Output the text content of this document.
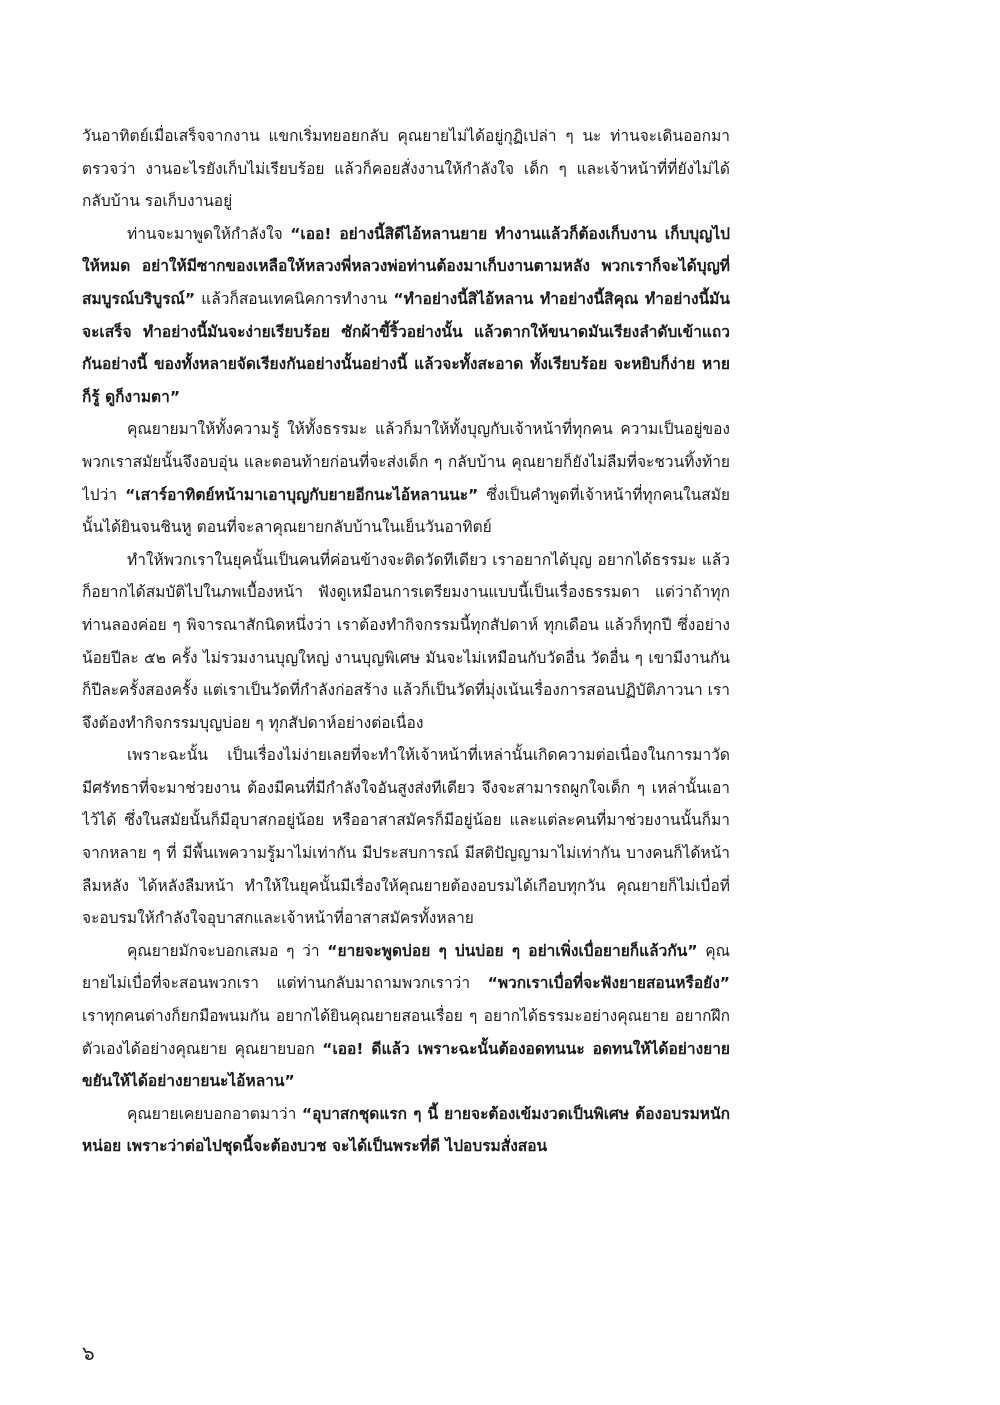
วันอาทิตย์เมื่อเสร็จจากงาน แขกเริ่มทยอยกลับ คุณยายไม่ได้อยู่กุฏิเปล่า ๆ นะ ท่านจะเดินออกมาตรวจว่า งานอะไรยังเก็บไม่เรียบร้อย แล้วก็คอยสั่งงานให้กำลังใจ เด็ก ๆ และเจ้าหน้าที่ที่ยังไม่ได้กลับบ้าน รอเก็บงานอยู่

ท่านจะมาพูดให้กำลังใจ “เออ! อย่างนี้สิดีไอ้หลานยาย ทำงานแล้วก็ต้องเก็บงาน เก็บบุญไปให้หมด อย่าให้มีซากของเหลือให้หลวงพี่หลวงพ่อท่านต้องมาเก็บงานตามหลัง พวกเราก็จะได้บุญที่สมบูรณ์บริบูรณ์” แล้วก็สอนเทคนิคการทำงาน “ทำอย่างนี้สิไอ้หลาน ทำอย่างนี้สิคุณ ทำอย่างนี้มันจะเสร็จ ทำอย่างนี้มันจะง่ายเรียบร้อย ซักผ้าขี้ริ้วอย่างนั้น แล้วตากให้ขนาดมันเรียงลำดับเข้าแถวกันอย่างนี้ ของทั้งหลายจัดเรียงกันอย่างนั้นอย่างนี้ แล้วจะทั้งสะอาด ทั้งเรียบร้อย จะหยิบก็ง่าย หายก็รู้ ดูก็งามตา”

คุณยายมาให้ทั้งความรู้ ให้ทั้งธรรมะ แล้วก็มาให้ทั้งบุญกับเจ้าหน้าที่ทุกคน ความเป็นอยู่ของพวกเราสมัยนั้นจึงอบอุ่น และตอนท้ายก่อนที่จะส่งเด็ก ๆ กลับบ้าน คุณยายก็ยังไม่ลืมที่จะชวนทิ้งท้ายไปว่า “เสาร์อาทิตย์หน้ามาเอาบุญกับยายอีกนะไอ้หลานนะ” ซึ่งเป็นคำพูดที่เจ้าหน้าที่ทุกคนในสมัยนั้นได้ยินจนชินหู ตอนที่จะลาคุณยายกลับบ้านในเย็นวันอาทิตย์

ทำให้พวกเราในยุคนั้นเป็นคนที่ค่อนข้างจะติดวัดทีเดียว เราอยากได้บุญ อยากได้ธรรมะ แล้วก็อยากได้สมบัติไปในภพเบื้องหน้า ฟังดูเหมือนการเตรียมงานแบบนี้เป็นเรื่องธรรมดา แต่ว่าถ้าทุกท่านลองค่อย ๆ พิจารณาสักนิดหนึ่งว่า เราต้องทำกิจกรรมนี้ทุกสัปดาห์ ทุกเดือน แล้วก็ทุกปี ซึ่งอย่างน้อยปีละ ๕๒ ครั้ง ไม่รวมงานบุญใหญ่ งานบุญพิเศษ มันจะไม่เหมือนกับวัดอื่น วัดอื่น ๆ เขามีงานกันก็ปีละครั้งสองครั้ง แต่เราเป็นวัดที่กำลังก่อสร้าง แล้วก็เป็นวัดที่มุ่งเน้นเรื่องการสอนปฏิบัติภาวนา เราจึงต้องทำกิจกรรมบุญบ่อย ๆ ทุกสัปดาห์อย่างต่อเนื่อง

เพราะฉะนั้น เป็นเรื่องไม่ง่ายเลยที่จะทำให้เจ้าหน้าที่เหล่านั้นเกิดความต่อเนื่องในการมาวัด มีศรัทธาที่จะมาช่วยงาน ต้องมีคนที่มีกำลังใจอันสูงส่งทีเดียว จึงจะสามารถผูกใจเด็ก ๆ เหล่านั้นเอาไว้ได้ ซึ่งในสมัยนั้นก็มีอุบาสกอยู่น้อย หรืออาสาสมัครก็มีอยู่น้อย และแต่ละคนที่มาช่วยงานนั้นก็มาจากหลาย ๆ ที่ มีพื้นเพความรู้มาไม่เท่ากัน มีประสบการณ์ มีสติปัญญามาไม่เท่ากัน บางคนก็ได้หน้าลืมหลัง ได้หลังลืมหน้า ทำให้ในยุคนั้นมีเรื่องให้คุณยายต้องอบรมได้เกือบทุกวัน คุณยายก็ไม่เบื่อที่จะอบรมให้กำลังใจอุบาสกและเจ้าหน้าที่อาสาสมัครทั้งหลาย

คุณยายมักจะบอกเสมอ ๆ ว่า “ยายจะพูดบ่อย ๆ บ่นบ่อย ๆ อย่าเพิ่งเบื่อยายก็แล้วกัน” คุณยายไม่เบื่อที่จะสอนพวกเรา แต่ท่านกลับมาถามพวกเราว่า “พวกเราเบื่อที่จะฟังยายสอนหรือยัง” เราทุกคนต่างก็ยกมือพนมกัน อยากได้ยินคุณยายสอนเรื่อย ๆ อยากได้ธรรมะอย่างคุณยาย อยากฝึกตัวเองได้อย่างคุณยาย คุณยายบอก “เออ! ดีแล้ว เพราะฉะนั้นต้องอดทนนะ อดทนให้ได้อย่างยาย ขยันให้ได้อย่างยายนะไอ้หลาน”

คุณยายเคยบอกอาตมาว่า “อุบาสกชุดแรก ๆ นี้ ยายจะต้องเข้มงวดเป็นพิเศษ ต้องอบรมหนักหน่อย เพราะว่าต่อไปชุดนี้จะต้องบวช จะได้เป็นพระที่ดี ไปอบรมสั่งสอน

๖
